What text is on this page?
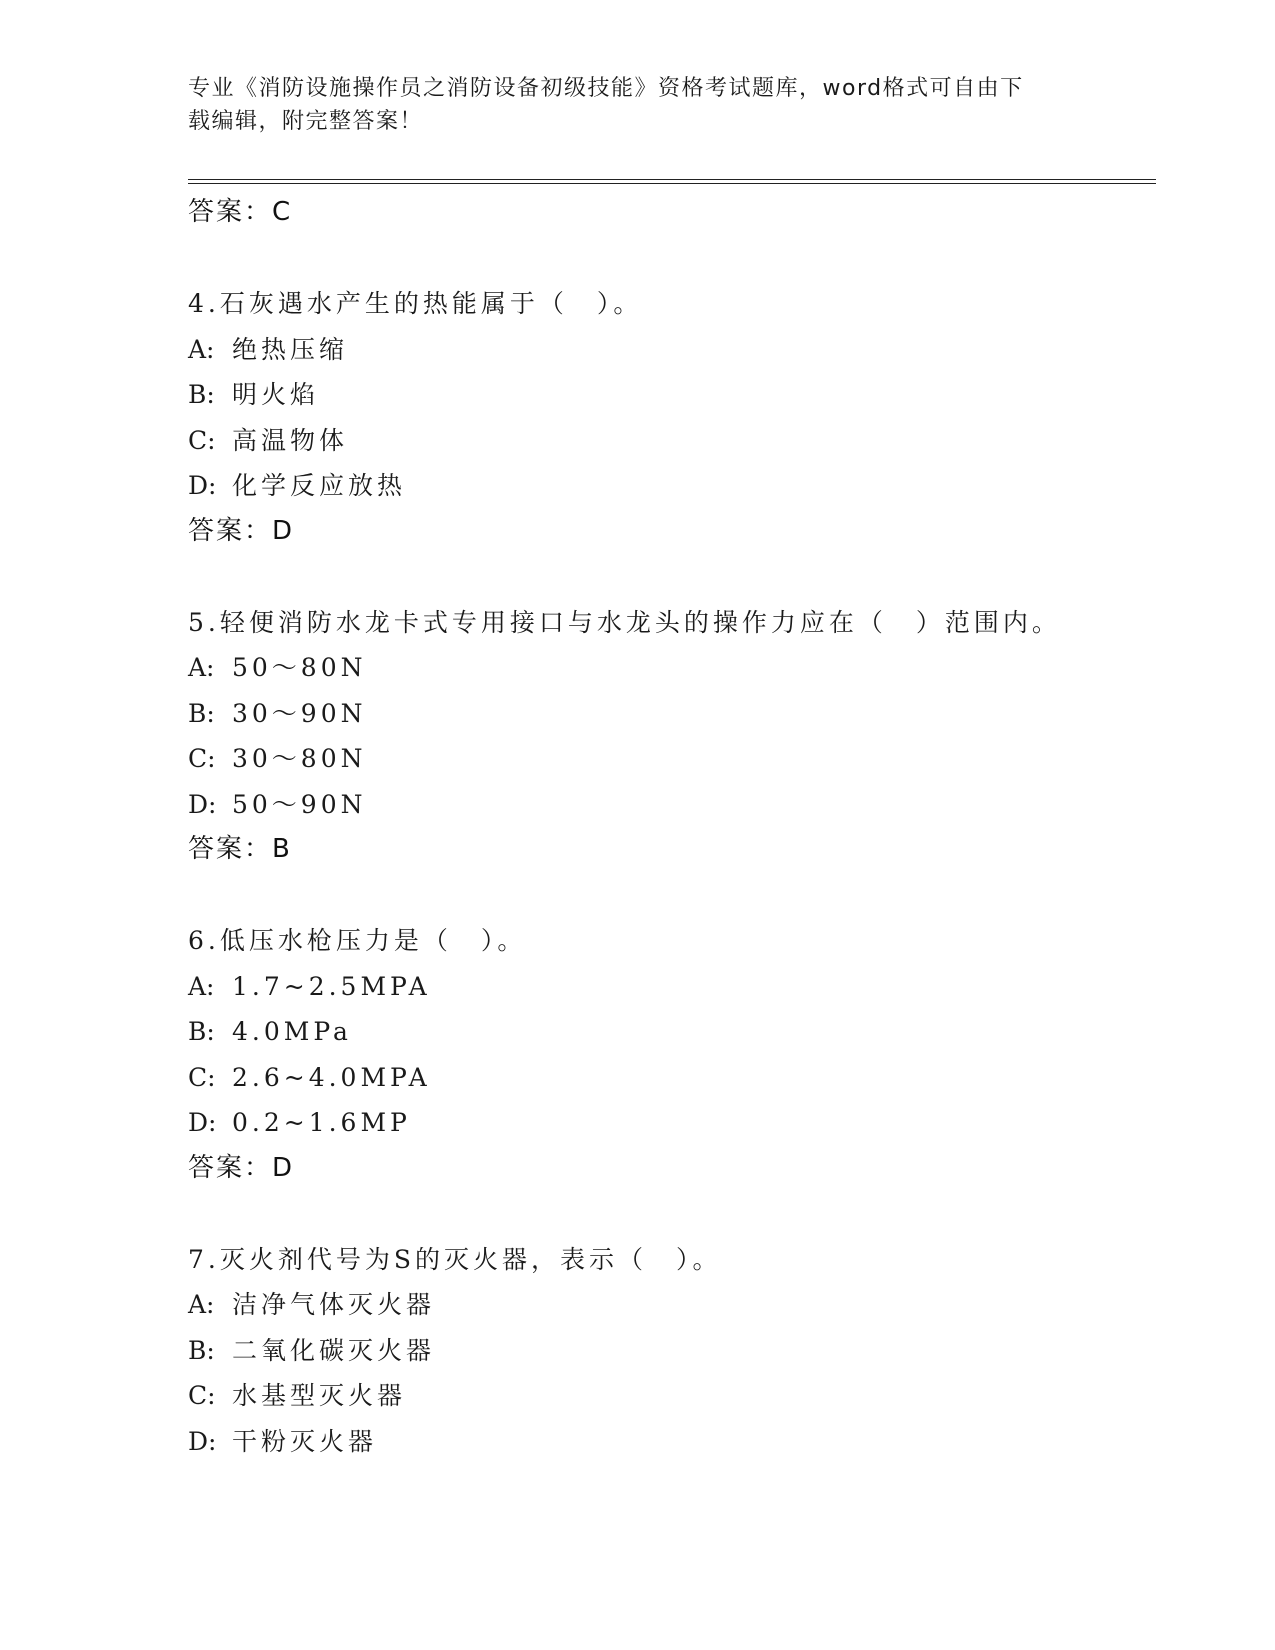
专业《消防设施操作员之消防设备初级技能》资格考试题库，word格式可自由下
载编辑，附完整答案！
答案：C
4.石灰遇水产生的热能属于（　）。
A: 绝热压缩
B: 明火焰
C: 高温物体
D: 化学反应放热
答案：D
5.轻便消防水龙卡式专用接口与水龙头的操作力应在（　）范围内。
A: 50～80N
B: 30～90N
C: 30～80N
D: 50～90N
答案：B
6.低压水枪压力是（　）。
A: 1.7~2.5MPA
B: 4.0MPa
C: 2.6~4.0MPA
D: 0.2~1.6MP
答案：D
7.灭火剂代号为S的灭火器，表示（　）。
A: 洁净气体灭火器
B: 二氧化碳灭火器
C: 水基型灭火器
D: 干粉灭火器
